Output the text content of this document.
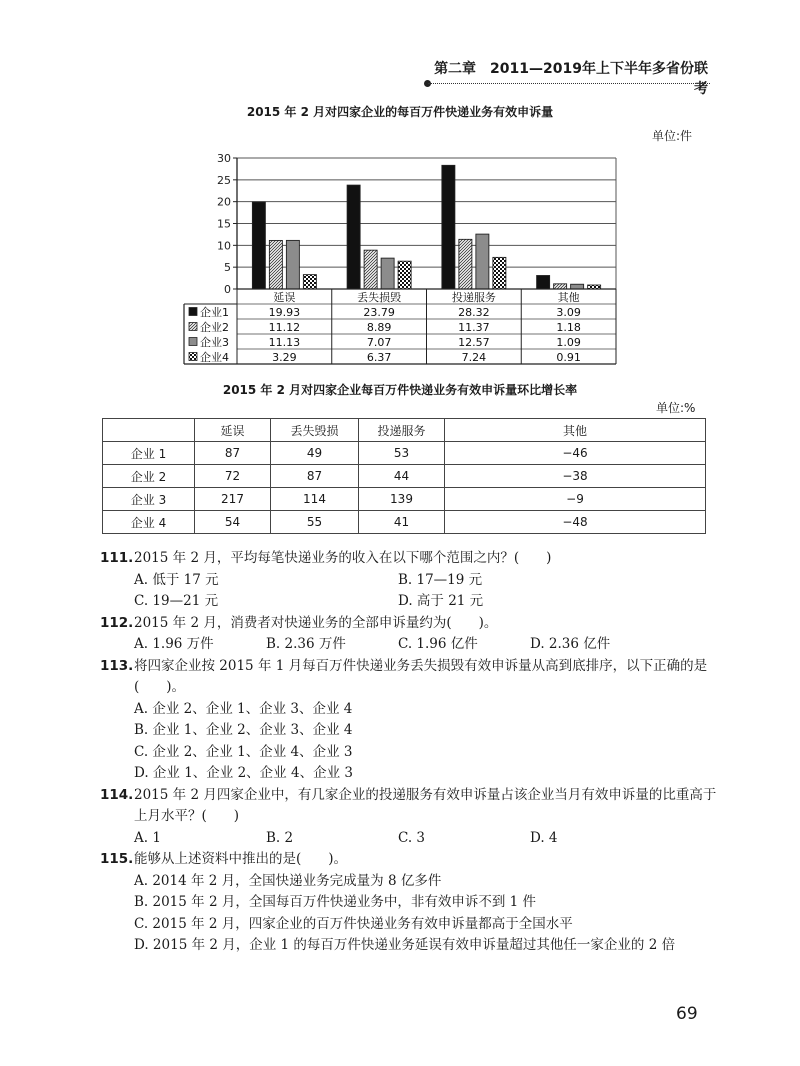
第二章　2011—2019年上下半年多省份联考
2015 年 2 月对四家企业的每百万件快递业务有效申诉量
单位:件
0
5
10
15
20
25
30
延误	丢失损毁	投递服务	其他
企业1	19.93	23.79	28.32	3.09
企业2	11.12	8.89	11.37	1.18
企业3	11.13	7.07	12.57	1.09
企业4	3.29	6.37	7.24	0.91
2015 年 2 月对四家企业每百万件快递业务有效申诉量环比增长率
单位:%
	延误	丢失毁损	投递服务	其他
企业 1	87	49	53	−46
企业 2	72	87	44	−38
企业 3	217	114	139	−9
企业 4	54	55	41	−48
111. 2015 年 2 月，平均每笔快递业务的收入在以下哪个范围之内？(　　)
A. 低于 17 元	B. 17—19 元
C. 19—21 元	D. 高于 21 元
112. 2015 年 2 月，消费者对快递业务的全部申诉量约为(　　)。
A. 1.96 万件	B. 2.36 万件	C. 1.96 亿件	D. 2.36 亿件
113. 将四家企业按 2015 年 1 月每百万件快递业务丢失损毁有效申诉量从高到底排序，以下正确的是(　　)。
A. 企业 2、企业 1、企业 3、企业 4
B. 企业 1、企业 2、企业 3、企业 4
C. 企业 2、企业 1、企业 4、企业 3
D. 企业 1、企业 2、企业 4、企业 3
114. 2015 年 2 月四家企业中，有几家企业的投递服务有效申诉量占该企业当月有效申诉量的比重高于上月水平？(　　)
A. 1	B. 2	C. 3	D. 4
115. 能够从上述资料中推出的是(　　)。
A. 2014 年 2 月，全国快递业务完成量为 8 亿多件
B. 2015 年 2 月，全国每百万件快递业务中，非有效申诉不到 1 件
C. 2015 年 2 月，四家企业的百万件快递业务有效申诉量都高于全国水平
D. 2015 年 2 月，企业 1 的每百万件快递业务延误有效申诉量超过其他任一家企业的 2 倍
69
